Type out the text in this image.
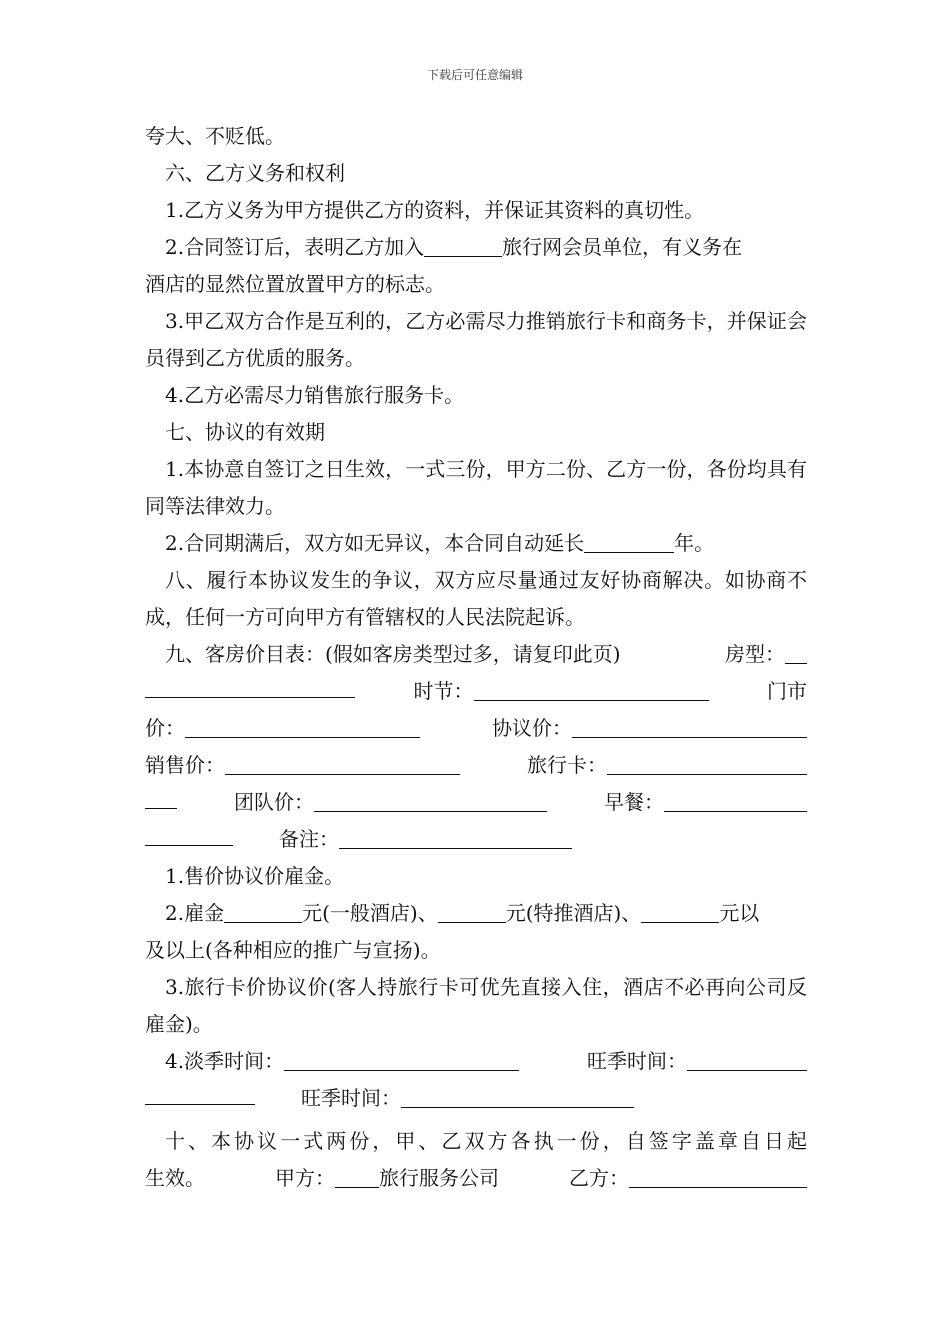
下载后可任意编辑

夸大、不贬低。

六、乙方义务和权利

1.乙方义务为甲方提供乙方的资料，并保证其资料的真切性。

2.合同签订后，表明乙方加入	旅行网会员单位，有义务在

酒店的显然位置放置甲方的标志。

3.甲乙双方合作是互利的，乙方必需尽力推销旅行卡和商务卡，并保证会员得到乙方优质的服务。

4.乙方必需尽力销售旅行服务卡。

七、协议的有效期

1.本协意自签订之日生效，一式三份，甲方二份、乙方一份，各份均具有同等法律效力。

2.合同期满后，双方如无异议，本合同自动延长	年。

八、履行本协议发生的争议，双方应尽量通过友好协商解决。如协商不成，任何一方可向甲方有管辖权的人民法院起诉。

九、客房价目表：(假如客房类型过多，请复印此页)	房型：
时节：	门市
价：	协议价：
销售价：	旅行卡：
团队价：	早餐：
备注：

1.售价协议价雇金。

2.雇金	元(一般酒店)、	元(特推酒店)、	元以

及以上(各种相应的推广与宣扬)。

3.旅行卡价协议价(客人持旅行卡可优先直接入住，酒店不必再向公司反雇金)。

4.淡季时间：	旺季时间：
旺季时间：

十、本协议一式两份，甲、乙双方各执一份，自签字盖章自日起

生效。	甲方： 旅行服务公司	乙方：
